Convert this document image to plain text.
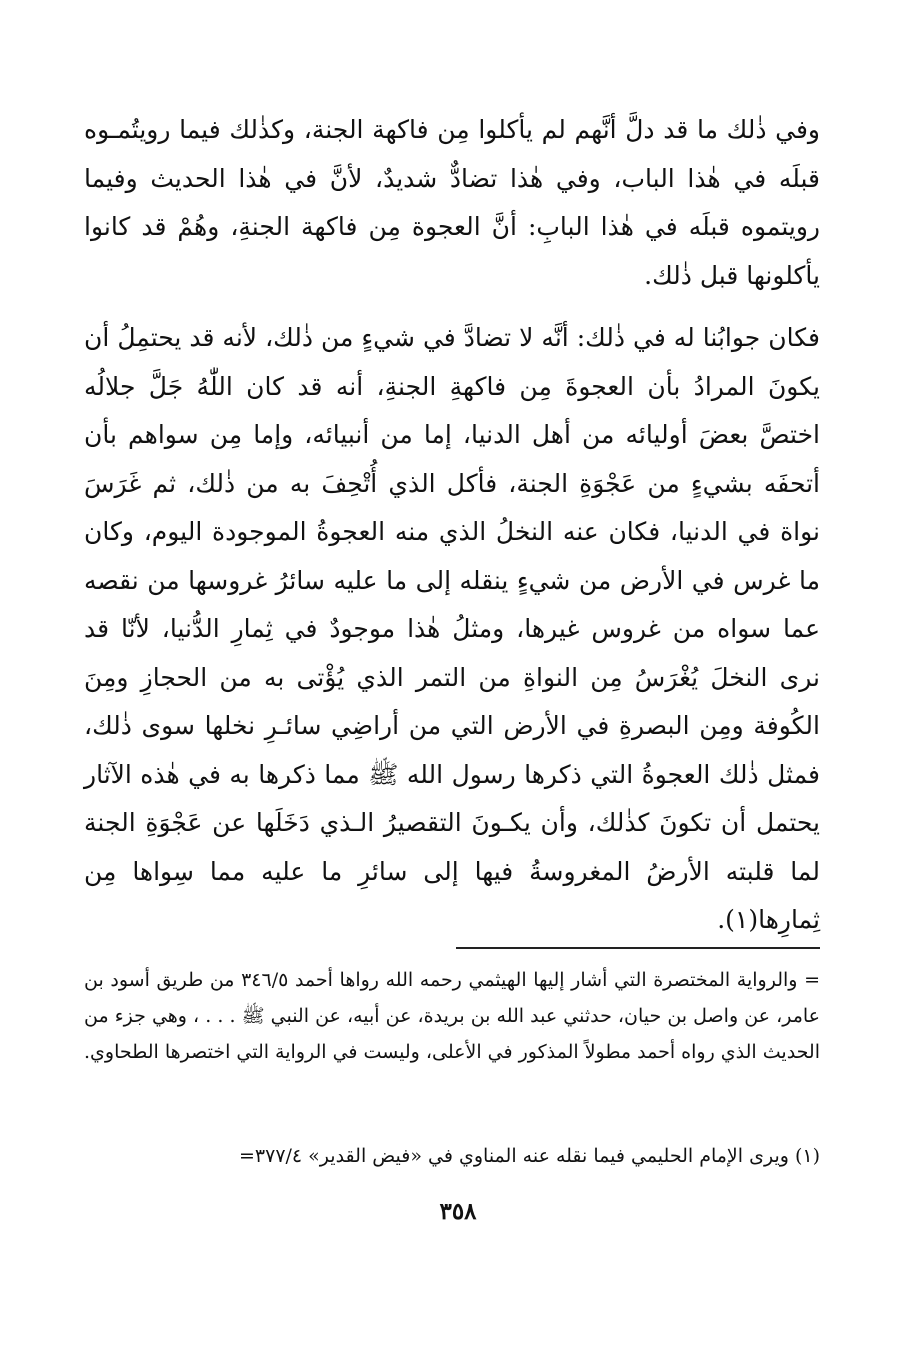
وفي ذٰلك ما قد دلَّ أنَّهم لم يأكلوا مِن فاكهة الجنة، وكذٰلك فيما رويتُمـوه قبلَه في هٰذا الباب، وفي هٰذا تضادٌّ شديدٌ، لأنَّ في هٰذا الحديث وفيما رويتموه قبلَه في هٰذا البابِ: أنَّ العجوة مِن فاكهة الجنةِ، وهُمْ قد كانوا يأكلونها قبل ذٰلك.

فكان جوابُنا له في ذٰلك: أنَّه لا تضادَّ في شيءٍ من ذٰلك، لأنه قد يحتمِلُ أن يكونَ المرادُ بأن العجوةَ مِن فاكهةِ الجنةِ، أنه قد كان اللّٰهُ جَلَّ جلالُه اختصَّ بعضَ أوليائه من أهل الدنيا، إما من أنبيائه، وإما مِن سواهم بأن أتحفَه بشيءٍ من عَجْوَةِ الجنة، فأكل الذي أُتْحِفَ به من ذٰلك، ثم غَرَسَ نواة في الدنيا، فكان عنه النخلُ الذي منه العجوةُ الموجودة اليوم، وكان ما غرس في الأرض من شيءٍ ينقله إلى ما عليه سائرُ غروسها من نقصه عما سواه من غروس غيرها، ومثلُ هٰذا موجودٌ في ثِمارِ الدُّنيا، لأنّا قد نرى النخلَ يُغْرَسُ مِن النواةِ من التمر الذي يُؤْتى به من الحجازِ ومِنَ الكُوفة ومِن البصرةِ في الأرض التي من أراضِي سائـرِ نخلها سوى ذٰلك، فمثل ذٰلك العجوةُ التي ذكرها رسول الله ﷺ مما ذكرها به في هٰذه الآثار يحتمل أن تكونَ كذٰلك، وأن يكـونَ التقصيرُ الـذي دَخَلَها عن عَجْوَةِ الجنة لما قلبته الأرضُ المغروسةُ فيها إلى سائرِ ما عليه مما سِواها مِن ثِمارِها(١).

= والرواية المختصرة التي أشار إليها الهيثمي رحمه الله رواها أحمد ٣٤٦/٥ من طريق أسود بن عامر، عن واصل بن حيان، حدثني عبد الله بن بريدة، عن أبيه، عن النبي ﷺ . . . ، وهي جزء من الحديث الذي رواه أحمد مطولاً المذكور في الأعلى، وليست في الرواية التي اختصرها الطحاوي.

(١) ويرى الإمام الحليمي فيما نقله عنه المناوي في «فيض القدير» ٣٧٧/٤=

٣٥٨
